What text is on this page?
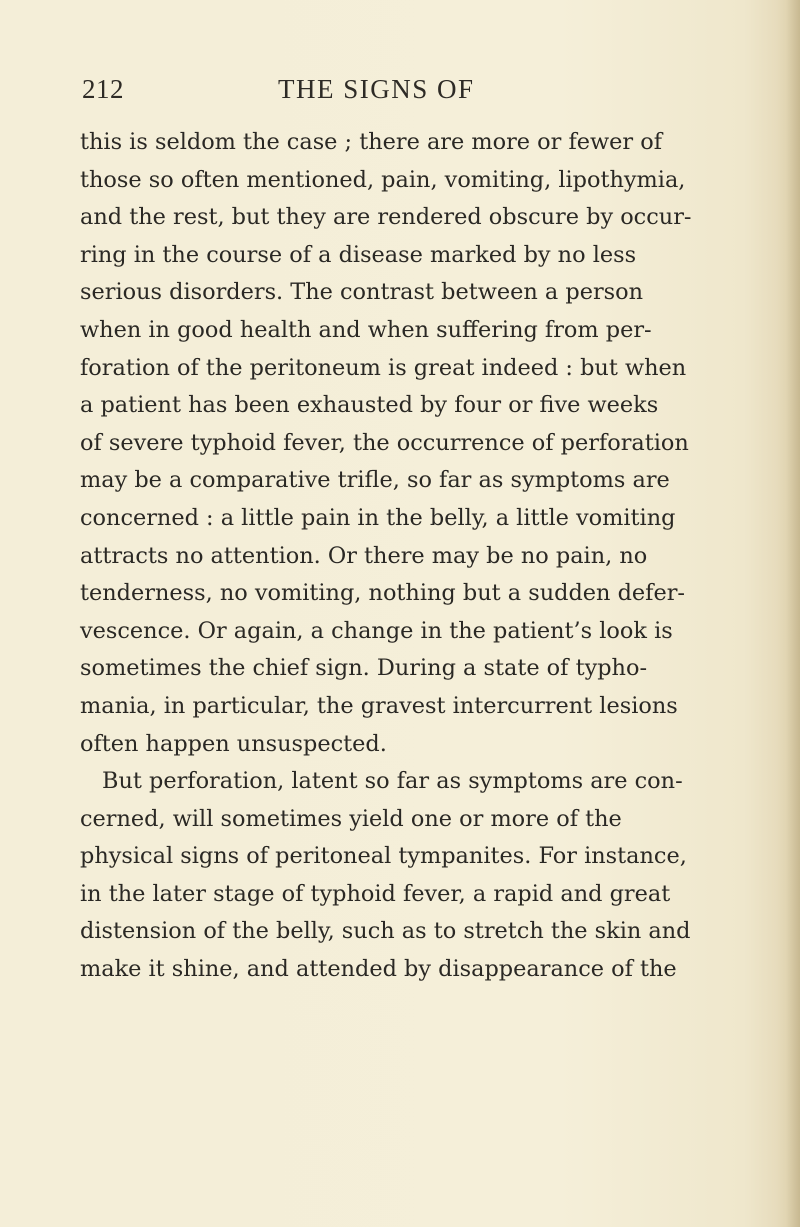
212	THE SIGNS OF
this is seldom the case ; there are more or fewer of
those so often mentioned, pain, vomiting, lipothymia,
and the rest, but they are rendered obscure by occur-
ring in the course of a disease marked by no less
serious disorders. The contrast between a person
when in good health and when suffering from per-
foration of the peritoneum is great indeed : but when
a patient has been exhausted by four or five weeks
of severe typhoid fever, the occurrence of perforation
may be a comparative trifle, so far as symptoms are
concerned : a little pain in the belly, a little vomiting
attracts no attention. Or there may be no pain, no
tenderness, no vomiting, nothing but a sudden defer-
vescence. Or again, a change in the patient’s look is
sometimes the chief sign. During a state of typho-
mania, in particular, the gravest intercurrent lesions
often happen unsuspected.
But perforation, latent so far as symptoms are con-
cerned, will sometimes yield one or more of the
physical signs of peritoneal tympanites. For instance,
in the later stage of typhoid fever, a rapid and great
distension of the belly, such as to stretch the skin and
make it shine, and attended by disappearance of the
